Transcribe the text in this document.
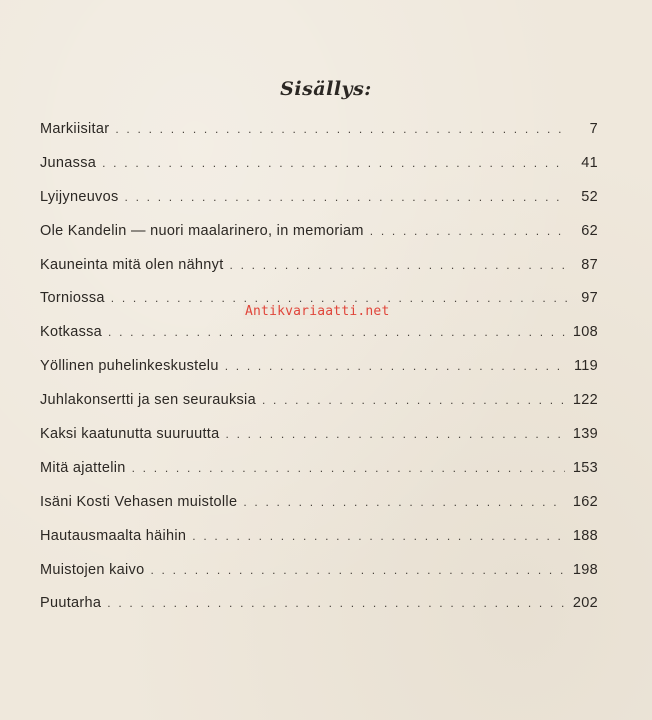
Sisällys:
Markiisitar . . .	7
Junassa . . .	41
Lyijyneuvos . . .	52
Ole Kandelin — nuori maalarinero, in memoriam . . .	62
Kauneinta mitä olen nähnyt . . .	87
Torniossa . . .	97
Kotkassa . . .	108
Yöllinen puhelinkeskustelu . . .	119
Juhlakonsertti ja sen seurauksia . . .	122
Kaksi kaatunutta suuruutta . . .	139
Mitä ajattelin . . .	153
Isäni Kosti Vehasen muistolle . . .	162
Hautausmaalta häihin . . .	188
Muistojen kaivo . . .	198
Puutarha . . .	202
Antikvariaatti.net
